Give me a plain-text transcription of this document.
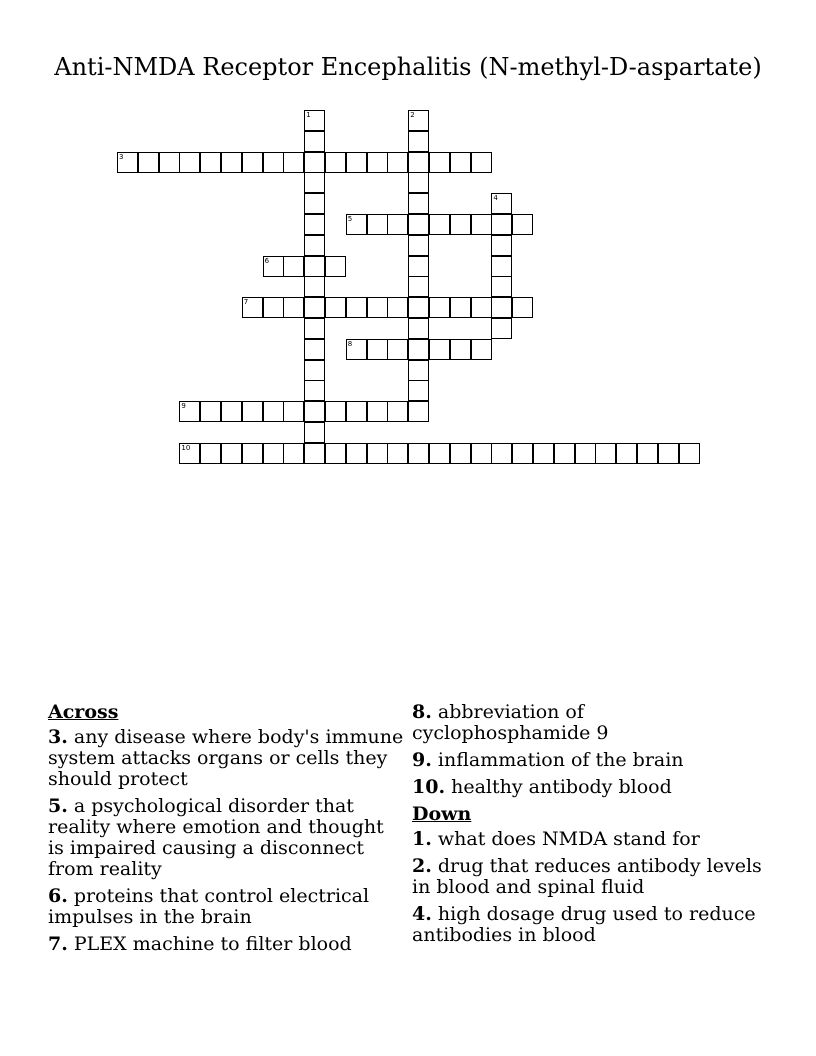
Anti-NMDA Receptor Encephalitis (N-methyl-D-aspartate)
1	2
3
4
5
6
7
8
9
10
Across
3. any disease where body's immune system attacks organs or cells they should protect
5. a psychological disorder that reality where emotion and thought is impaired causing a disconnect from reality
6. proteins that control electrical impulses in the brain
7. PLEX machine to filter blood
8. abbreviation of cyclophosphamide 9
9. inflammation of the brain
10. healthy antibody blood
Down
1. what does NMDA stand for
2. drug that reduces antibody levels in blood and spinal fluid
4. high dosage drug used to reduce antibodies in blood
